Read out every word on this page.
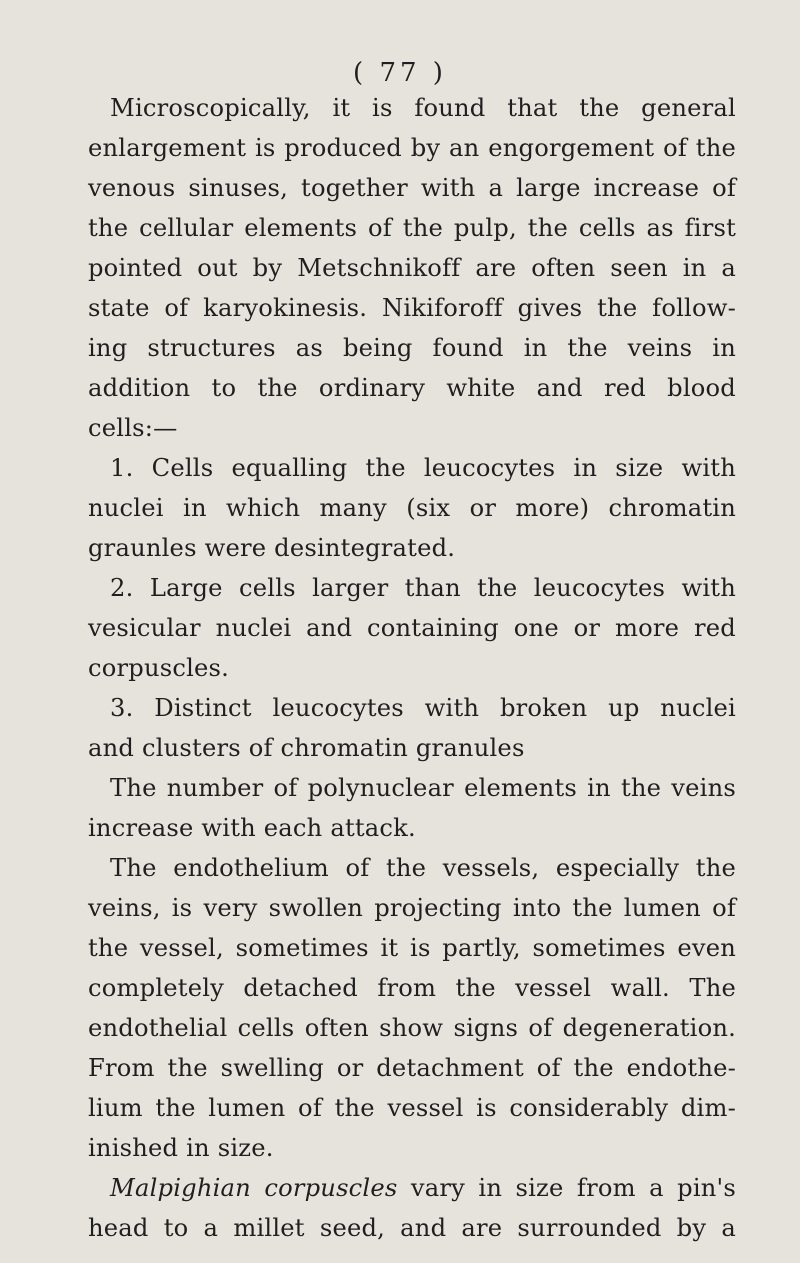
( 77 )
Microscopically, it is found that the general
enlargement is produced by an engorgement of the
venous sinuses, together with a large increase of
the cellular elements of the pulp, the cells as first
pointed out by Metschnikoff are often seen in a
state of karyokinesis. Nikiforoff gives the follow-
ing structures as being found in the veins in
addition to the ordinary white and red blood
cells:—
1. Cells equalling the leucocytes in size with
nuclei in which many (six or more) chromatin
graunles were desintegrated.
2. Large cells larger than the leucocytes with
vesicular nuclei and containing one or more red
corpuscles.
3. Distinct leucocytes with broken up nuclei
and clusters of chromatin granules
The number of polynuclear elements in the veins
increase with each attack.
The endothelium of the vessels, especially the
veins, is very swollen projecting into the lumen of
the vessel, sometimes it is partly, sometimes even
completely detached from the vessel wall. The
endothelial cells often show signs of degeneration.
From the swelling or detachment of the endothe-
lium the lumen of the vessel is considerably dim-
inished in size.
Malpighian corpuscles vary in size from a pin's
head to a millet seed, and are surrounded by a
